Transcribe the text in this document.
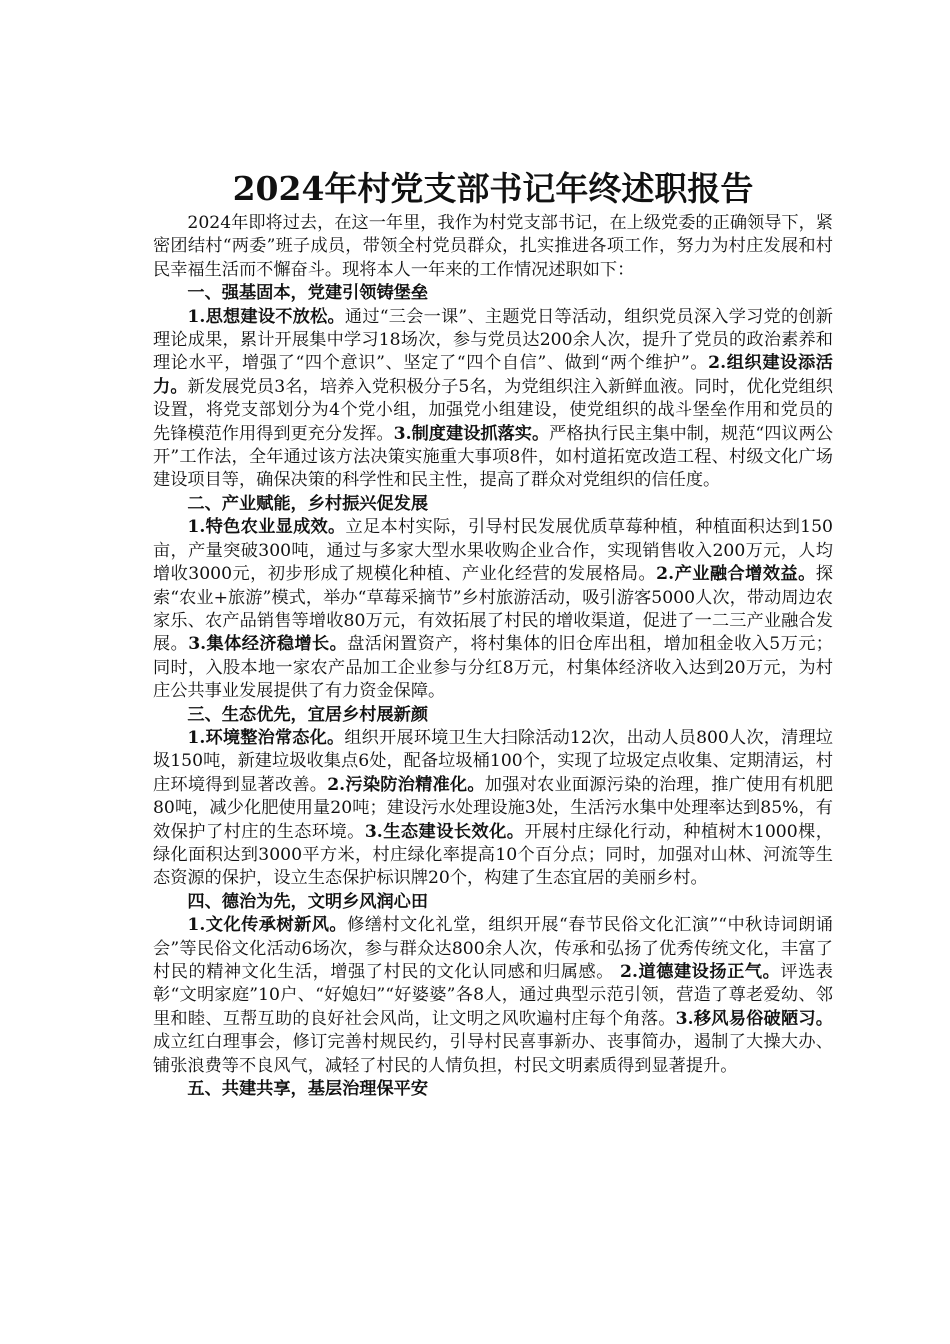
2024年村党支部书记年终述职报告

2024年即将过去，在这一年里，我作为村党支部书记，在上级党委的正确领导下，紧密团结村“两委”班子成员，带领全村党员群众，扎实推进各项工作，努力为村庄发展和村民幸福生活而不懈奋斗。现将本人一年来的工作情况述职如下：

一、强基固本，党建引领铸堡垒

1.思想建设不放松。通过“三会一课”、主题党日等活动，组织党员深入学习党的创新理论成果，累计开展集中学习18场次，参与党员达200余人次，提升了党员的政治素养和理论水平，增强了“四个意识”、坚定了“四个自信”、做到“两个维护”。2.组织建设添活力。新发展党员3名，培养入党积极分子5名，为党组织注入新鲜血液。同时，优化党组织设置，将党支部划分为4个党小组，加强党小组建设，使党组织的战斗堡垒作用和党员的先锋模范作用得到更充分发挥。3.制度建设抓落实。严格执行民主集中制，规范“四议两公开”工作法，全年通过该方法决策实施重大事项8件，如村道拓宽改造工程、村级文化广场建设项目等，确保决策的科学性和民主性，提高了群众对党组织的信任度。

二、产业赋能，乡村振兴促发展

1.特色农业显成效。立足本村实际，引导村民发展优质草莓种植，种植面积达到150亩，产量突破300吨，通过与多家大型水果收购企业合作，实现销售收入200万元，人均增收3000元，初步形成了规模化种植、产业化经营的发展格局。2.产业融合增效益。探索“农业+旅游”模式，举办“草莓采摘节”乡村旅游活动，吸引游客5000人次，带动周边农家乐、农产品销售等增收80万元，有效拓展了村民的增收渠道，促进了一二三产业融合发展。3.集体经济稳增长。盘活闲置资产，将村集体的旧仓库出租，增加租金收入5万元；同时，入股本地一家农产品加工企业参与分红8万元，村集体经济收入达到20万元，为村庄公共事业发展提供了有力资金保障。

三、生态优先，宜居乡村展新颜

1.环境整治常态化。组织开展环境卫生大扫除活动12次，出动人员800人次，清理垃圾150吨，新建垃圾收集点6处，配备垃圾桶100个，实现了垃圾定点收集、定期清运，村庄环境得到显著改善。2.污染防治精准化。加强对农业面源污染的治理，推广使用有机肥80吨，减少化肥使用量20吨；建设污水处理设施3处，生活污水集中处理率达到85%，有效保护了村庄的生态环境。3.生态建设长效化。开展村庄绿化行动，种植树木1000棵，绿化面积达到3000平方米，村庄绿化率提高10个百分点；同时，加强对山林、河流等生态资源的保护，设立生态保护标识牌20个，构建了生态宜居的美丽乡村。

四、德治为先，文明乡风润心田

1.文化传承树新风。修缮村文化礼堂，组织开展“春节民俗文化汇演”“中秋诗词朗诵会”等民俗文化活动6场次，参与群众达800余人次，传承和弘扬了优秀传统文化，丰富了村民的精神文化生活，增强了村民的文化认同感和归属感。 2.道德建设扬正气。评选表彰“文明家庭”10户、“好媳妇”“好婆婆”各8人，通过典型示范引领，营造了尊老爱幼、邻里和睦、互帮互助的良好社会风尚，让文明之风吹遍村庄每个角落。3.移风易俗破陋习。成立红白理事会，修订完善村规民约，引导村民喜事新办、丧事简办，遏制了大操大办、铺张浪费等不良风气，减轻了村民的人情负担，村民文明素质得到显著提升。

五、共建共享，基层治理保平安
